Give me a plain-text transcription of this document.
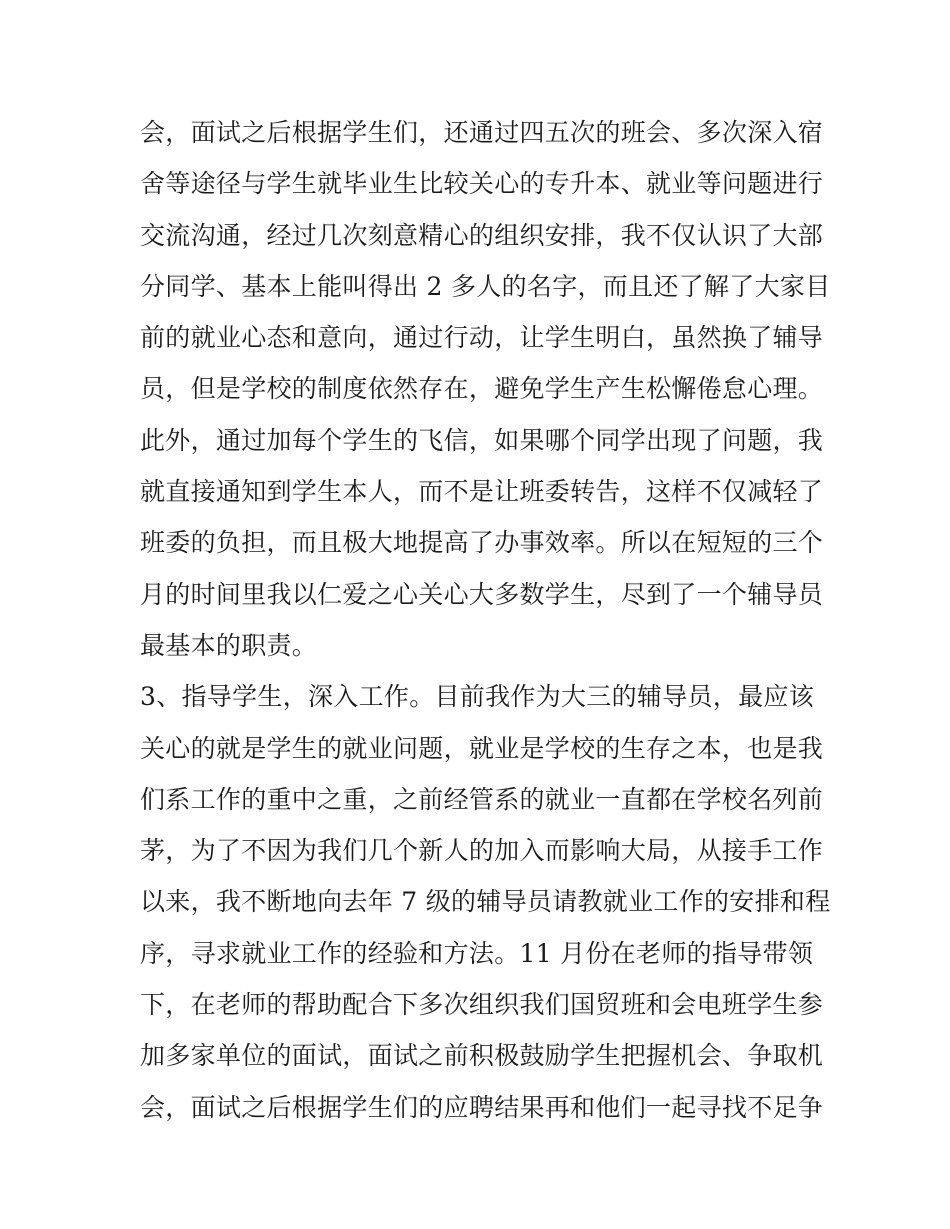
会，面试之后根据学生们，还通过四五次的班会、多次深入宿
舍等途径与学生就毕业生比较关心的专升本、就业等问题进行
交流沟通，经过几次刻意精心的组织安排，我不仅认识了大部
分同学、基本上能叫得出 2 多人的名字，而且还了解了大家目
前的就业心态和意向，通过行动，让学生明白，虽然换了辅导
员，但是学校的制度依然存在，避免学生产生松懈倦怠心理。
此外，通过加每个学生的飞信，如果哪个同学出现了问题，我
就直接通知到学生本人，而不是让班委转告，这样不仅减轻了
班委的负担，而且极大地提高了办事效率。所以在短短的三个
月的时间里我以仁爱之心关心大多数学生，尽到了一个辅导员
最基本的职责。
3、指导学生，深入工作。目前我作为大三的辅导员，最应该
关心的就是学生的就业问题，就业是学校的生存之本，也是我
们系工作的重中之重，之前经管系的就业一直都在学校名列前
茅，为了不因为我们几个新人的加入而影响大局，从接手工作
以来，我不断地向去年 7 级的辅导员请教就业工作的安排和程
序，寻求就业工作的经验和方法。11 月份在老师的指导带领
下，在老师的帮助配合下多次组织我们国贸班和会电班学生参
加多家单位的面试，面试之前积极鼓励学生把握机会、争取机
会，面试之后根据学生们的应聘结果再和他们一起寻找不足争
